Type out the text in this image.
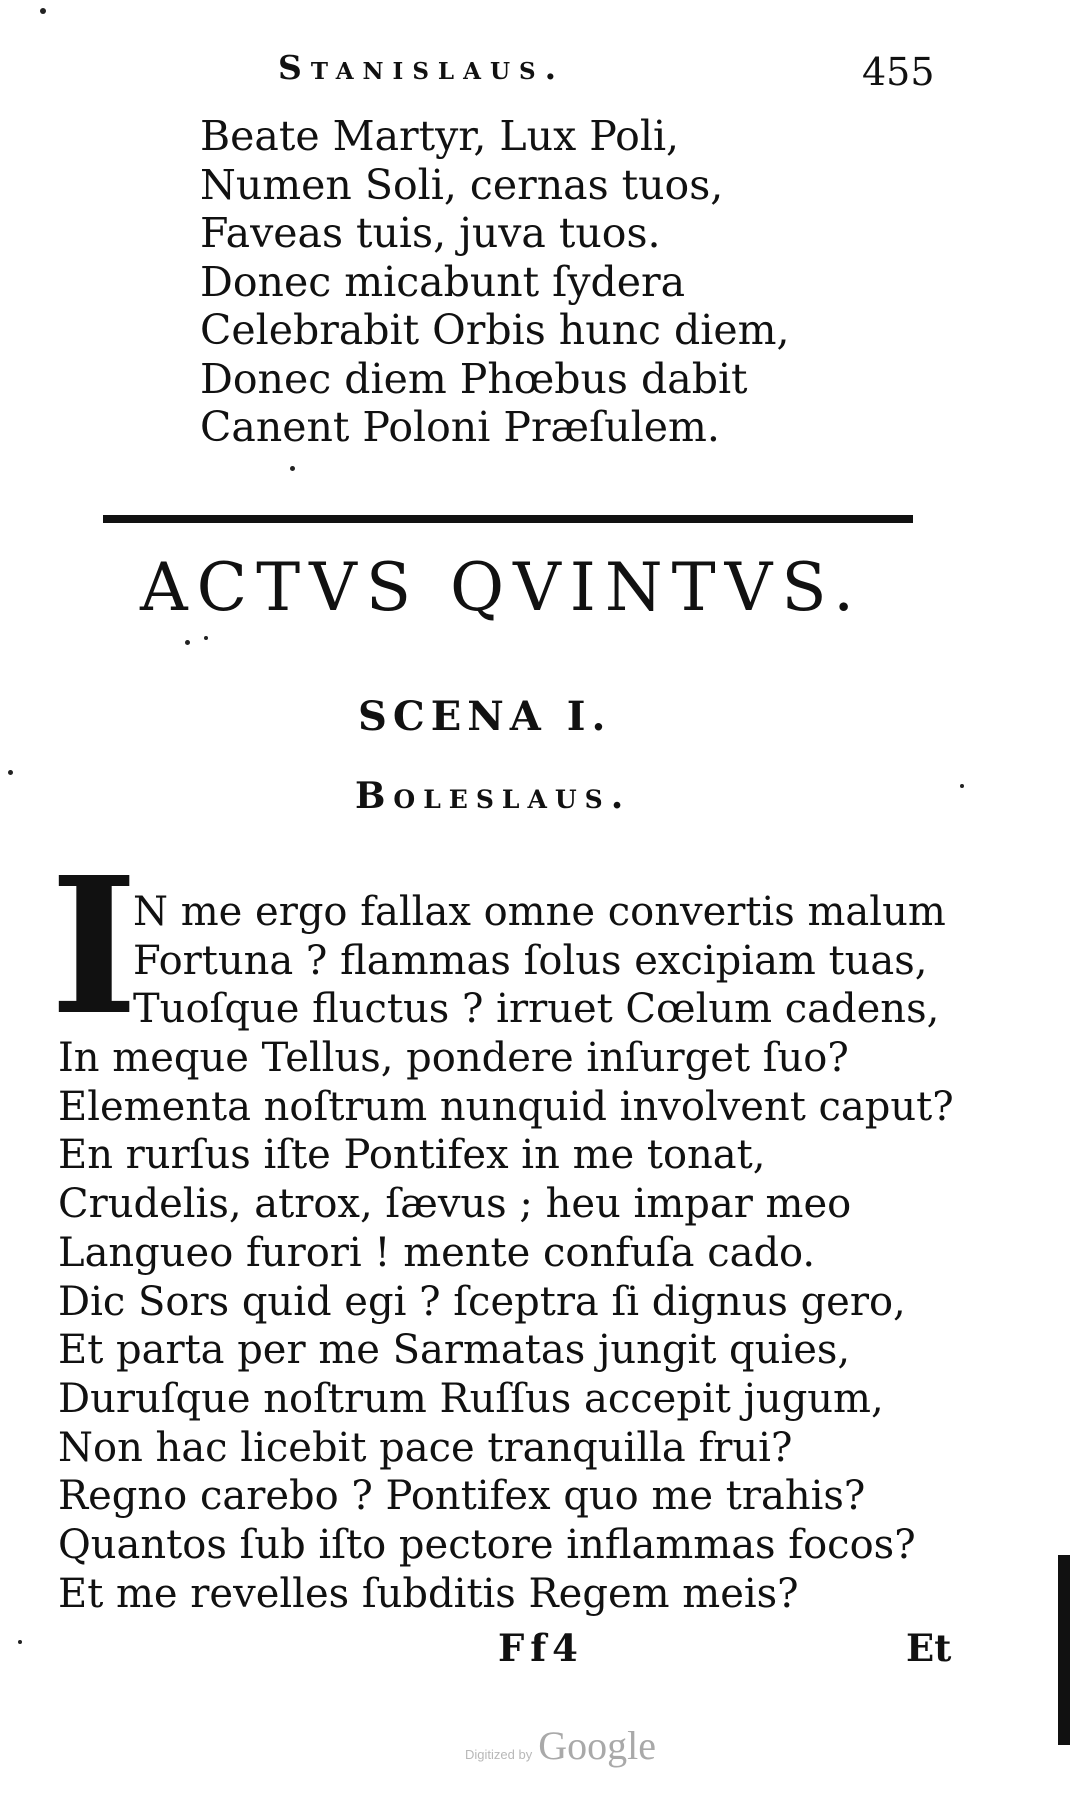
Stanislaus.	455
Beate Martyr, Lux Poli,
Numen Soli, cernas tuos,
Faveas tuis, juva tuos.
Donec micabunt ſydera
Celebrabit Orbis hunc diem,
Donec diem Phœbus dabit
Canent Poloni Præſulem.
ACTVS QVINTVS.
SCENA I.
Boleslaus.
I
N me ergo fallax omne convertis malum
Fortuna ? flammas ſolus excipiam tuas,
Tuoſque fluctus ? irruet Cœlum cadens,
In meque Tellus, pondere inſurget ſuo?
Elementa noſtrum nunquid involvent caput?
En rurſus iſte Pontifex in me tonat,
Crudelis, atrox, ſævus ; heu impar meo
Langueo furori ! mente confuſa cado.
Dic Sors quid egi ? ſceptra ſi dignus gero,
Et parta per me Sarmatas jungit quies,
Duruſque noſtrum Ruſſus accepit jugum,
Non hac licebit pace tranquilla frui?
Regno carebo ? Pontifex quo me trahis?
Quantos ſub iſto pectore inflammas focos?
Et me revelles ſubditis Regem meis?
Ff4	Et
Digitized by Google
